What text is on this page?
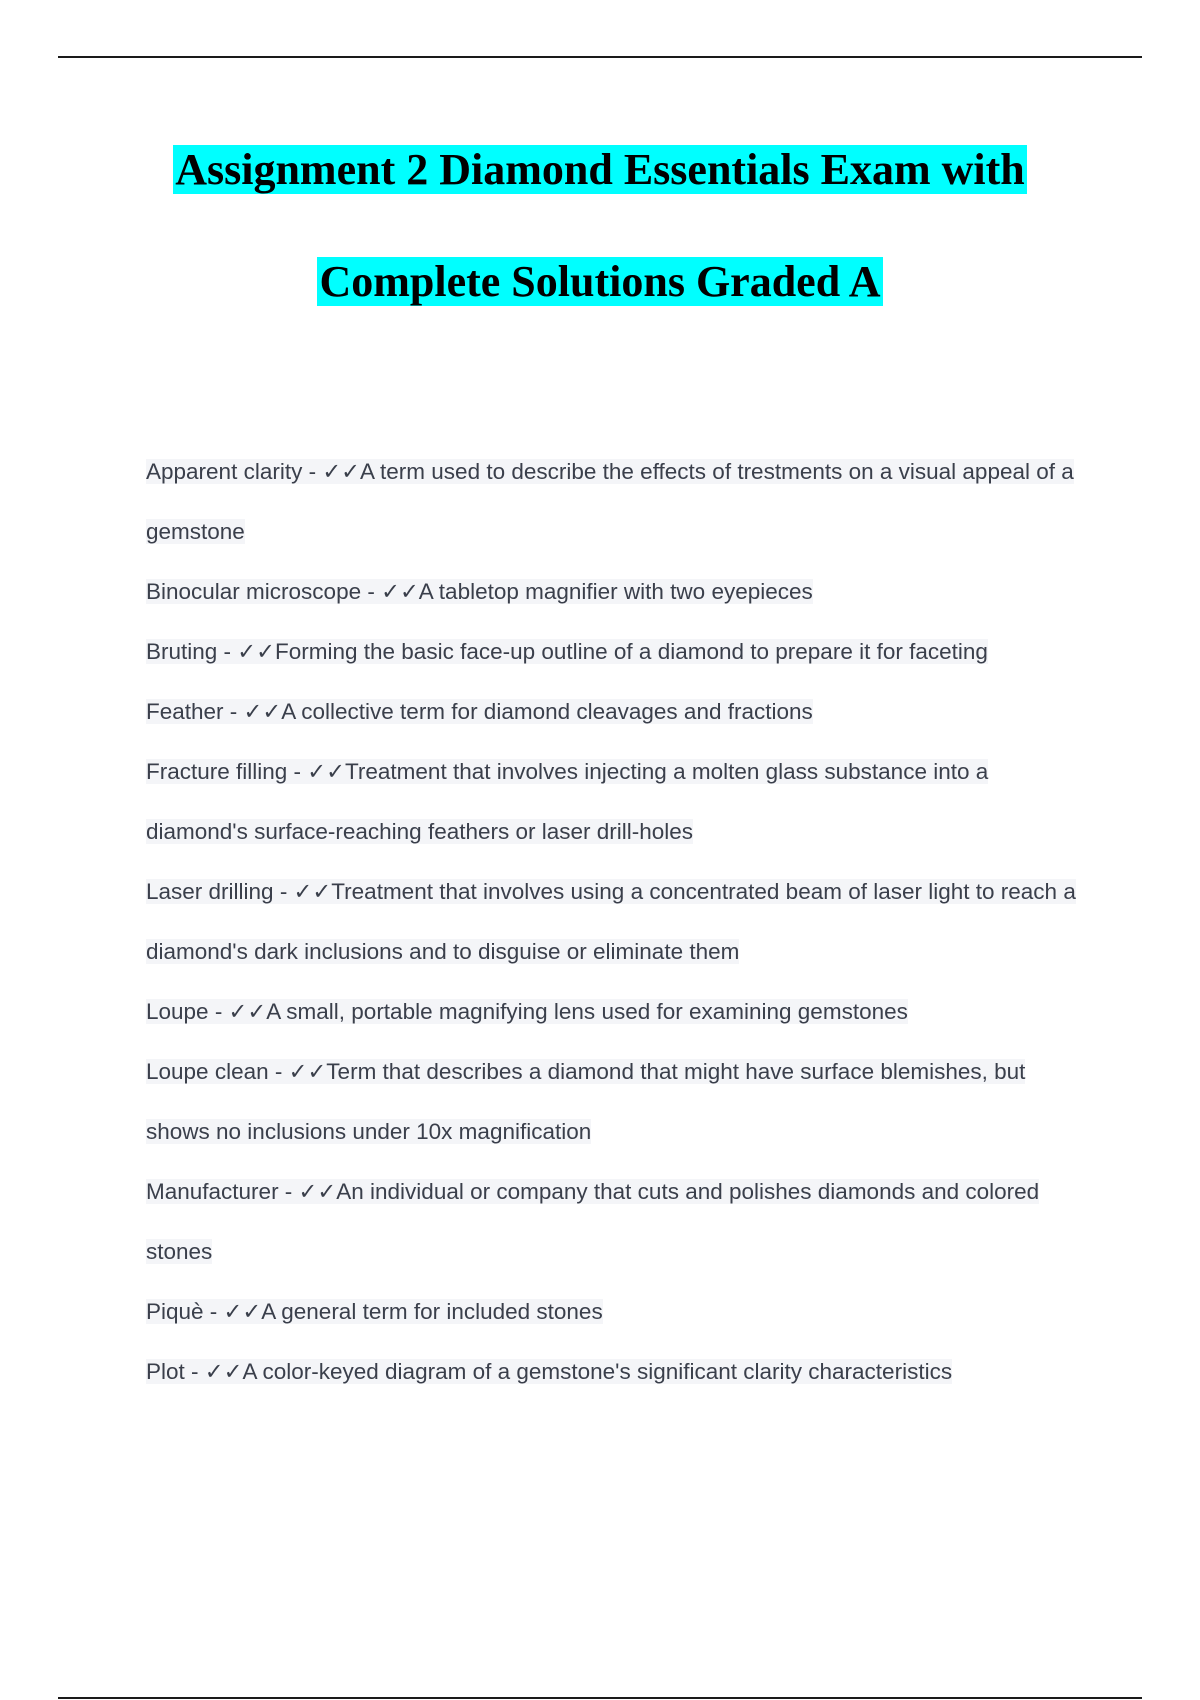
Assignment 2 Diamond Essentials Exam with
Complete Solutions Graded A
Apparent clarity - ✓✓A term used to describe the effects of trestments on a visual appeal of a gemstone
Binocular microscope - ✓✓A tabletop magnifier with two eyepieces
Bruting - ✓✓Forming the basic face-up outline of a diamond to prepare it for faceting
Feather - ✓✓A collective term for diamond cleavages and fractions
Fracture filling - ✓✓Treatment that involves injecting a molten glass substance into a diamond's surface-reaching feathers or laser drill-holes
Laser drilling - ✓✓Treatment that involves using a concentrated beam of laser light to reach a diamond's dark inclusions and to disguise or eliminate them
Loupe - ✓✓A small, portable magnifying lens used for examining gemstones
Loupe clean - ✓✓Term that describes a diamond that might have surface blemishes, but shows no inclusions under 10x magnification
Manufacturer - ✓✓An individual or company that cuts and polishes diamonds and colored stones
Piquè - ✓✓A general term for included stones
Plot - ✓✓A color-keyed diagram of a gemstone's significant clarity characteristics
